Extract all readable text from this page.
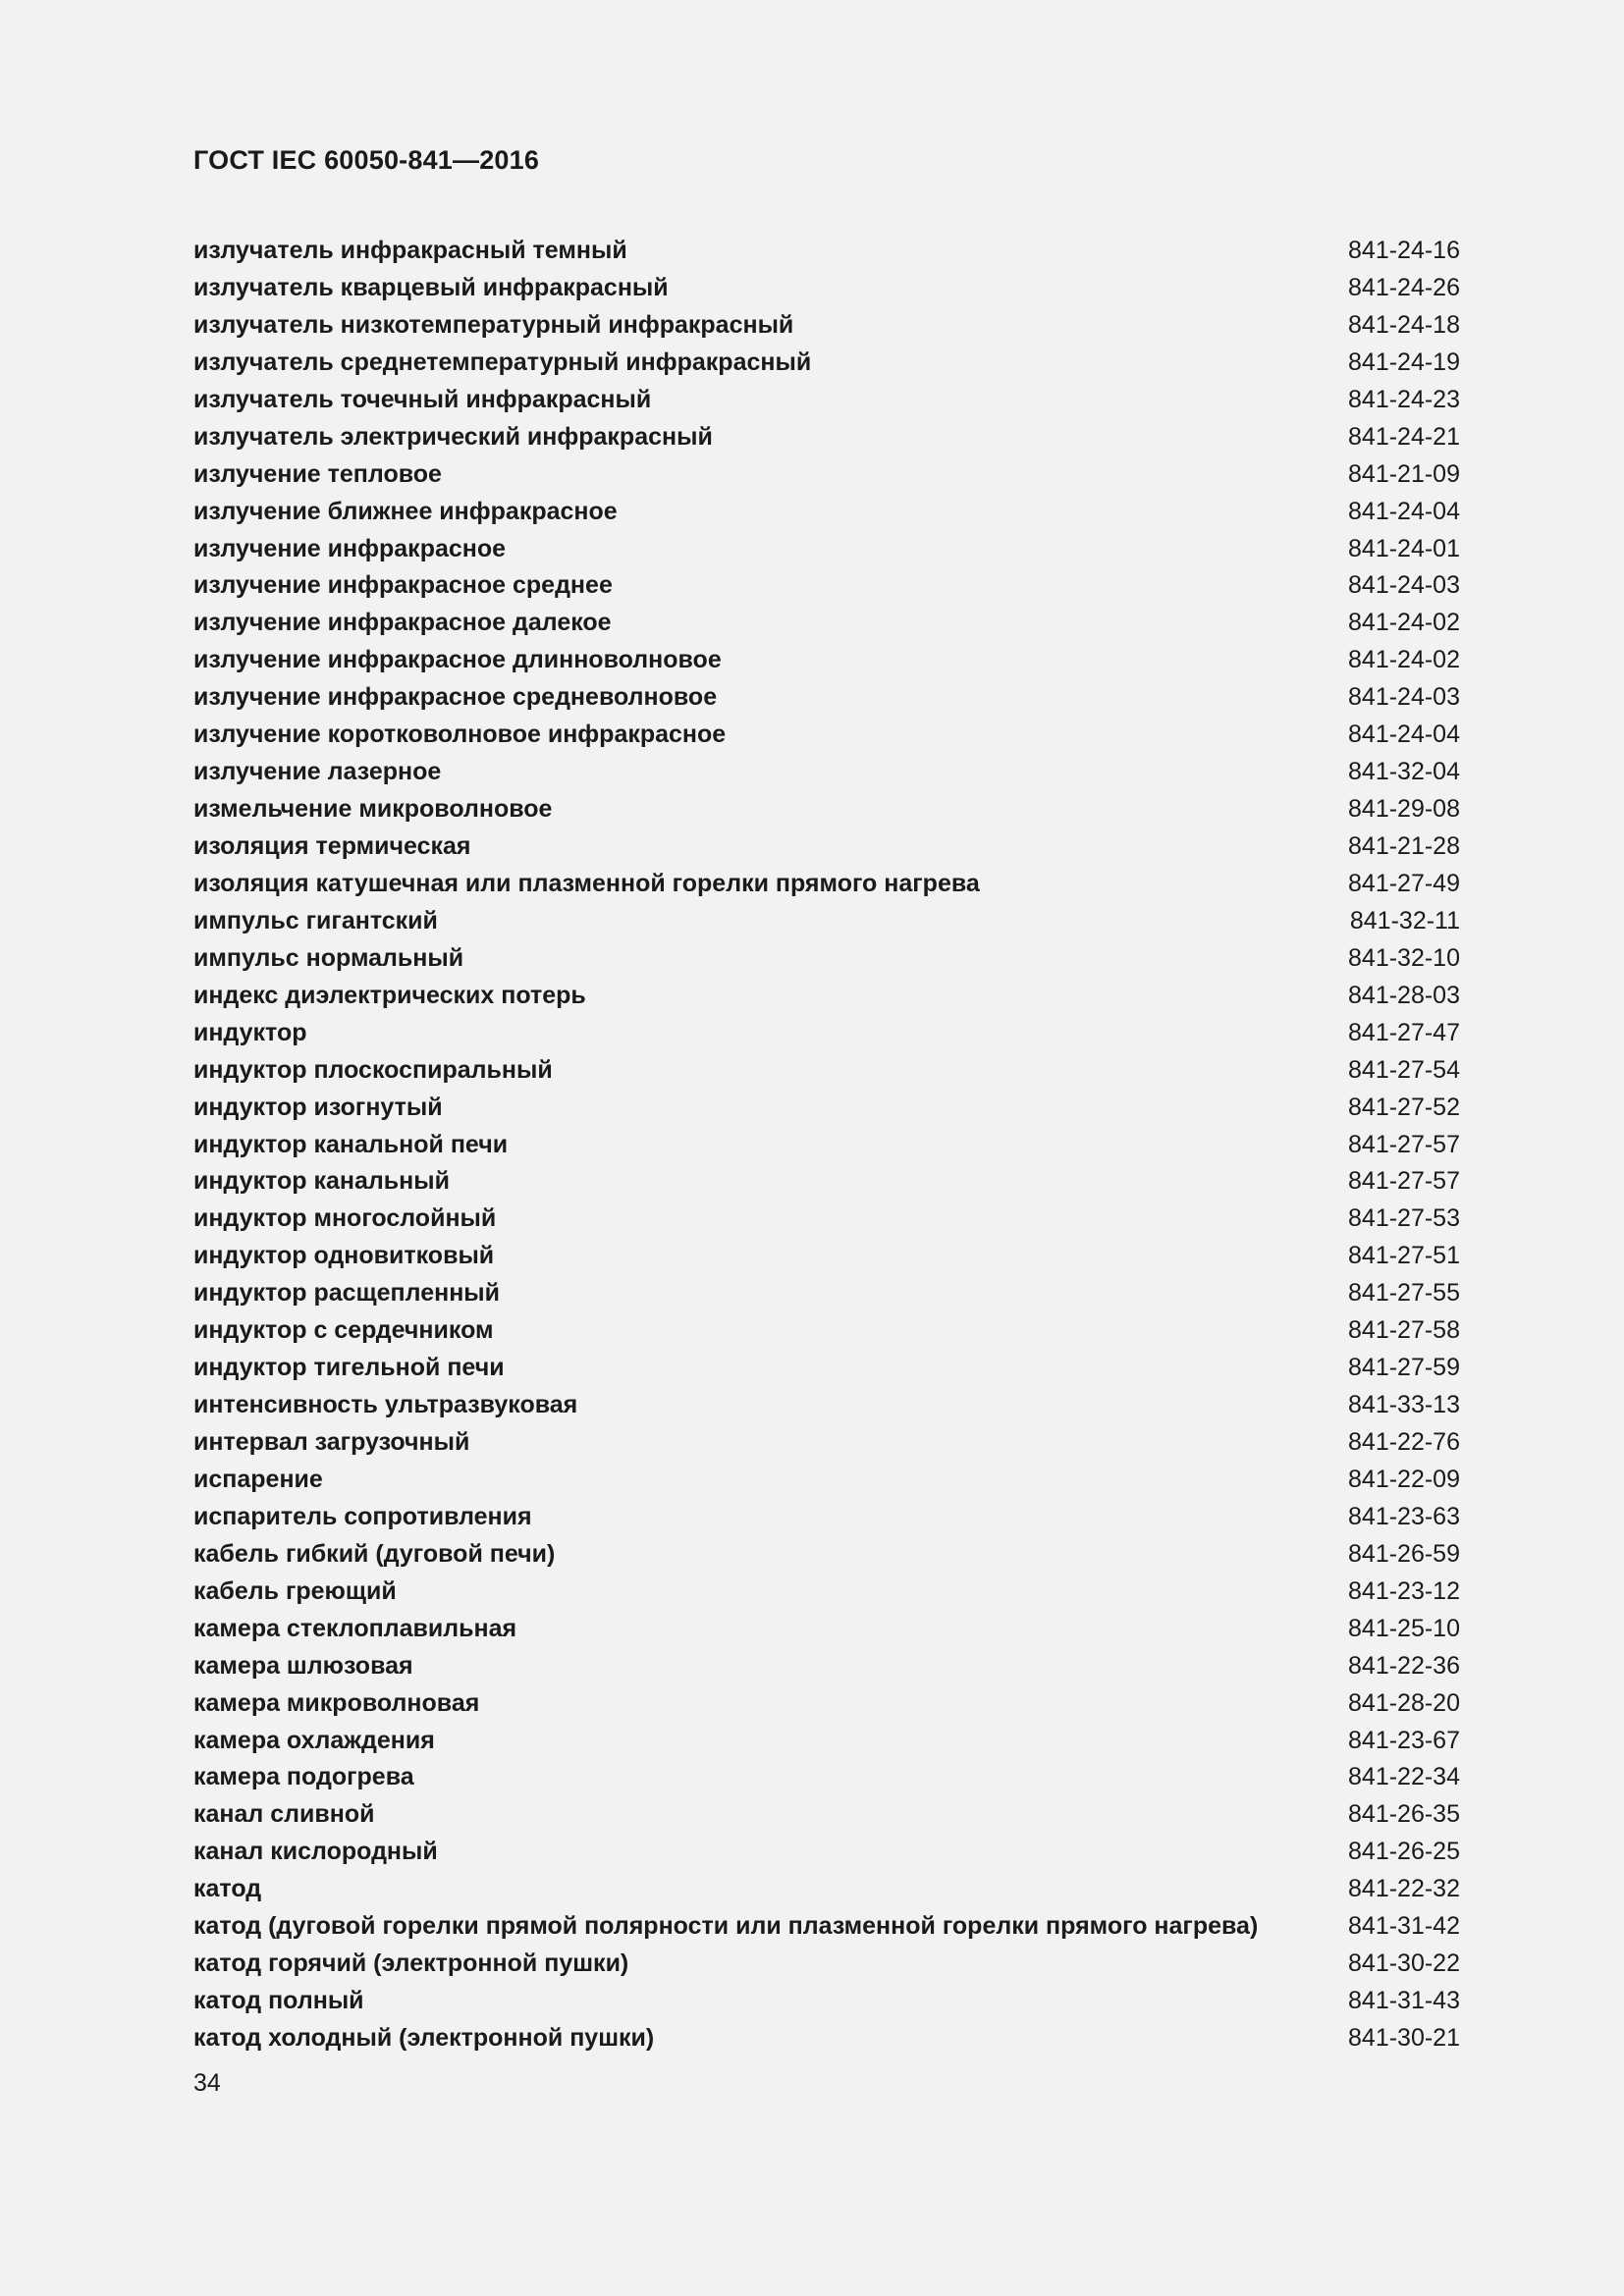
ГОСТ IEC 60050-841—2016
излучатель инфракрасный темный	841-24-16
излучатель кварцевый инфракрасный	841-24-26
излучатель низкотемпературный инфракрасный	841-24-18
излучатель среднетемпературный инфракрасный	841-24-19
излучатель точечный инфракрасный	841-24-23
излучатель электрический инфракрасный	841-24-21
излучение тепловое	841-21-09
излучение ближнее инфракрасное	841-24-04
излучение инфракрасное	841-24-01
излучение инфракрасное среднее	841-24-03
излучение инфракрасное далекое	841-24-02
излучение инфракрасное длинноволновое	841-24-02
излучение инфракрасное средневолновое	841-24-03
излучение коротковолновое инфракрасное	841-24-04
излучение лазерное	841-32-04
измельчение микроволновое	841-29-08
изоляция термическая	841-21-28
изоляция катушечная или плазменной горелки прямого нагрева	841-27-49
импульс гигантский	841-32-11
импульс нормальный	841-32-10
индекс диэлектрических потерь	841-28-03
индуктор	841-27-47
индуктор плоскоспиральный	841-27-54
индуктор изогнутый	841-27-52
индуктор канальной печи	841-27-57
индуктор канальный	841-27-57
индуктор многослойный	841-27-53
индуктор одновитковый	841-27-51
индуктор расщепленный	841-27-55
индуктор с сердечником	841-27-58
индуктор тигельной печи	841-27-59
интенсивность ультразвуковая	841-33-13
интервал загрузочный	841-22-76
испарение	841-22-09
испаритель сопротивления	841-23-63
кабель гибкий (дуговой печи)	841-26-59
кабель греющий	841-23-12
камера стеклоплавильная	841-25-10
камера шлюзовая	841-22-36
камера микроволновая	841-28-20
камера охлаждения	841-23-67
камера подогрева	841-22-34
канал сливной	841-26-35
канал кислородный	841-26-25
катод	841-22-32
катод (дуговой горелки прямой полярности или плазменной горелки прямого нагрева)	841-31-42
катод горячий (электронной пушки)	841-30-22
катод полный	841-31-43
катод холодный (электронной пушки)	841-30-21
34
